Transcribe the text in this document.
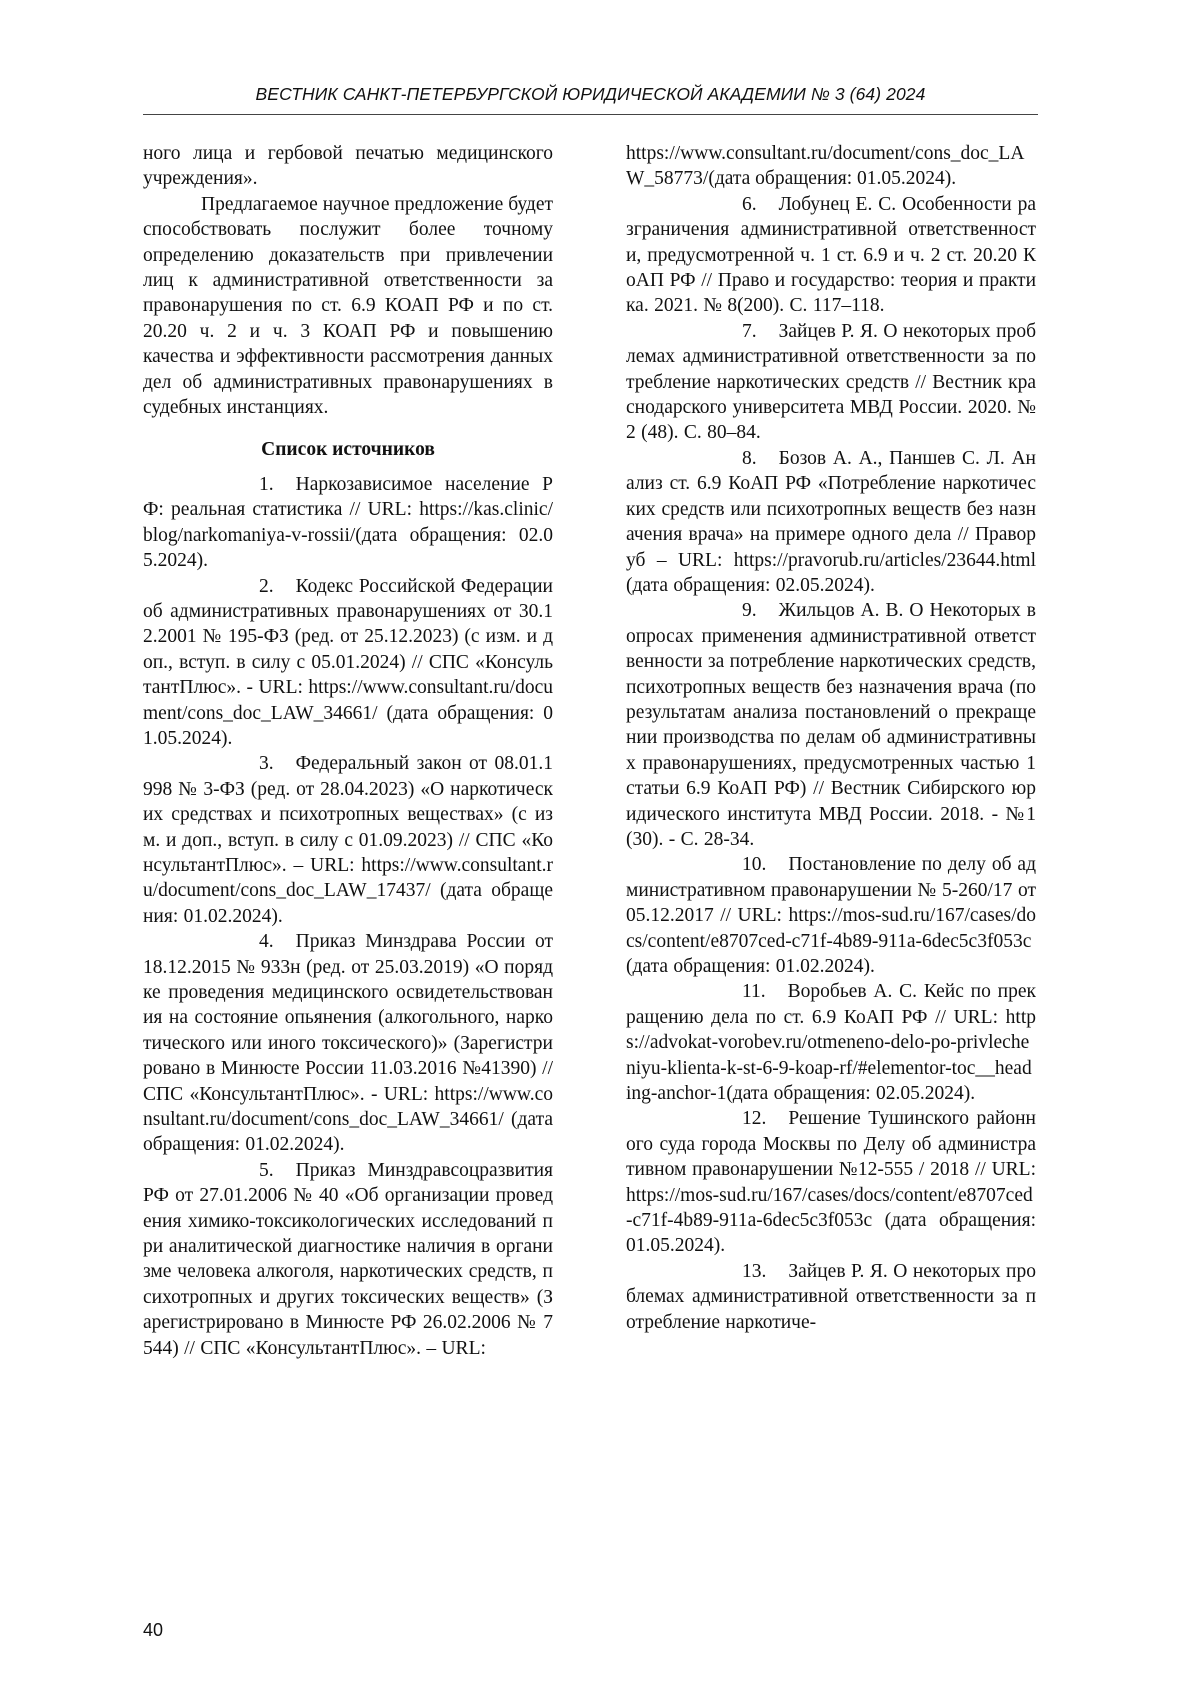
ВЕСТНИК САНКТ-ПЕТЕРБУРГСКОЙ ЮРИДИЧЕСКОЙ АКАДЕМИИ № 3 (64) 2024

ного лица и гербовой печатью медицинского учреждения».

Предлагаемое научное предложение будет способствовать послужит более точному определению доказательств при привлечении лиц к административной ответственности за правонарушения по ст. 6.9 КОАП РФ и по ст. 20.20 ч. 2 и ч. 3 КОАП РФ и повышению качества и эффективности рассмотрения данных дел об административных правонарушениях в судебных инстанциях.

Список источников

1. Наркозависимое население РФ: реальная статистика // URL: https://kas.clinic/blog/narkomaniya-v-rossii/(дата обращения: 02.05.2024).

2. Кодекс Российской Федерации об административных правонарушениях от 30.12.2001 № 195-ФЗ (ред. от 25.12.2023) (с изм. и доп., вступ. в силу с 05.01.2024) // СПС «КонсультантПлюс». - URL: https://www.consultant.ru/document/cons_doc_LAW_34661/ (дата обращения: 01.05.2024).

3. Федеральный закон от 08.01.1998 № 3-ФЗ (ред. от 28.04.2023) «О наркотических средствах и психотропных веществах» (с изм. и доп., вступ. в силу с 01.09.2023) // СПС «КонсультантПлюс». – URL: https://www.consultant.ru/document/cons_doc_LAW_17437/ (дата обращения: 01.02.2024).

4. Приказ Минздрава России от 18.12.2015 № 933н (ред. от 25.03.2019) «О порядке проведения медицинского освидетельствования на состояние опьянения (алкогольного, наркотического или иного токсического)» (Зарегистрировано в Минюсте России 11.03.2016 №41390) // СПС «КонсультантПлюс». - URL: https://www.consultant.ru/document/cons_doc_LAW_34661/ (дата обращения: 01.02.2024).

5. Приказ Минздравсоцразвития РФ от 27.01.2006 № 40 «Об организации проведения химико-токсикологических исследований при аналитической диагностике наличия в организме человека алкоголя, наркотических средств, психотропных и других токсических веществ» (Зарегистрировано в Минюсте РФ 26.02.2006 № 7544) // СПС «КонсультантПлюс». – URL:

https://www.consultant.ru/document/cons_doc_LAW_58773/(дата обращения: 01.05.2024).

6. Лобунец Е. С. Особенности разграничения административной ответственности, предусмотренной ч. 1 ст. 6.9 и ч. 2 ст. 20.20 КоАП РФ // Право и государство: теория и практика. 2021. № 8(200). С. 117–118.

7. Зайцев Р. Я. О некоторых проблемах административной ответственности за потребление наркотических средств // Вестник краснодарского университета МВД России. 2020. № 2 (48). С. 80–84.

8. Бозов А. А., Паншев С. Л. Анализ ст. 6.9 КоАП РФ «Потребление наркотических средств или психотропных веществ без назначения врача» на примере одного дела // Праворуб – URL: https://pravorub.ru/articles/23644.html (дата обращения: 02.05.2024).

9. Жильцов А. В. О Некоторых вопросах применения административной ответственности за потребление наркотических средств, психотропных веществ без назначения врача (по результатам анализа постановлений о прекращении производства по делам об административных правонарушениях, предусмотренных частью 1 статьи 6.9 КоАП РФ) // Вестник Сибирского юридического института МВД России. 2018. - №1(30). - С. 28-34.

10. Постановление по делу об административном правонарушении № 5-260/17 от 05.12.2017 // URL: https://mos-sud.ru/167/cases/docs/content/e8707ced-c71f-4b89-911a-6dec5c3f053c (дата обращения: 01.02.2024).

11. Воробьев А. С. Кейс по прекращению дела по ст. 6.9 КоАП РФ // URL: https://advokat-vorobev.ru/otmeneno-delo-po-privlecheniyu-klienta-k-st-6-9-koap-rf/#elementor-toc__heading-anchor-1(дата обращения: 02.05.2024).

12. Решение Тушинского районного суда города Москвы по Делу об административном правонарушении №12-555 / 2018 // URL: https://mos-sud.ru/167/cases/docs/content/e8707ced-c71f-4b89-911a-6dec5c3f053c (дата обращения: 01.05.2024).

13. Зайцев Р. Я. О некоторых проблемах административной ответственности за потребление наркотиче-

40
